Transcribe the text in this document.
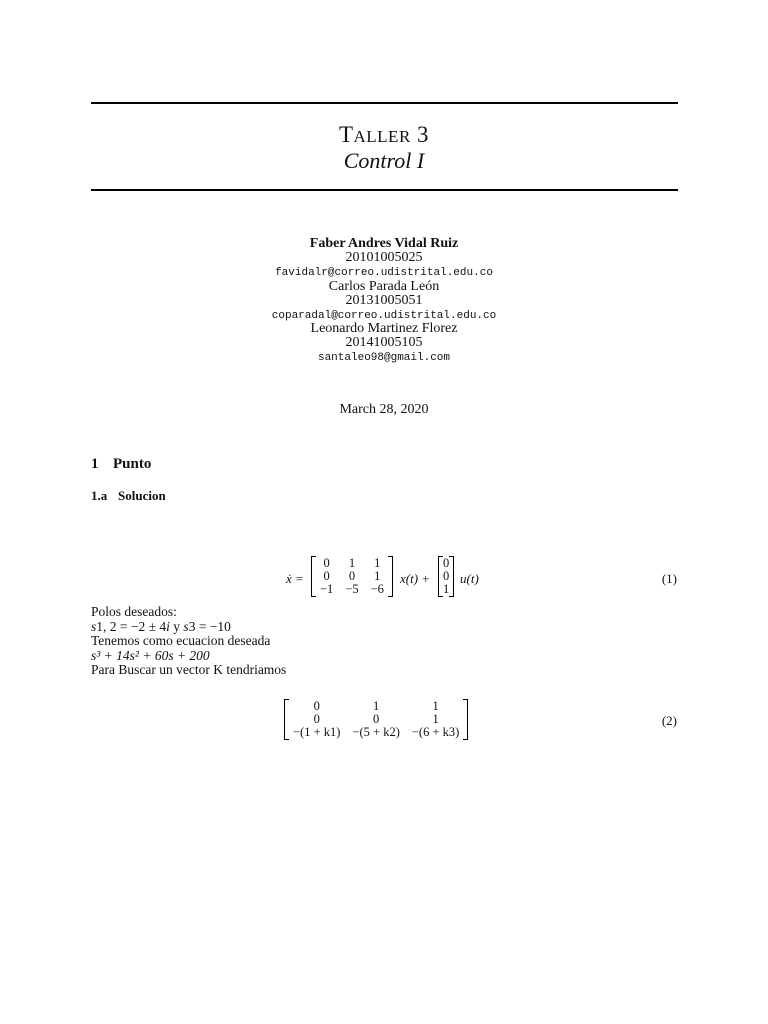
TALLER 3
Control I
Faber Andres Vidal Ruiz
20101005025
favidalr@correo.udistrital.edu.co
Carlos Parada León
20131005051
coparadal@correo.udistrital.edu.co
Leonardo Martinez Florez
20141005105
santaleo98@gmail.com
March 28, 2020
1 Punto
1.a Solucion
ẋ =
0	1	1
0	0	1
−1	−5	−6
x(t) +
0
0
1
u(t)	(1)
Polos deseados:
s1, 2 = −2 ± 4i y s3 = −10
Tenemos como ecuacion deseada
s³ + 14s² + 60s + 200
Para Buscar un vector K tendriamos
0	1	1
0	0	1
−(1 + k1)	−(5 + k2)	−(6 + k3)
(2)
